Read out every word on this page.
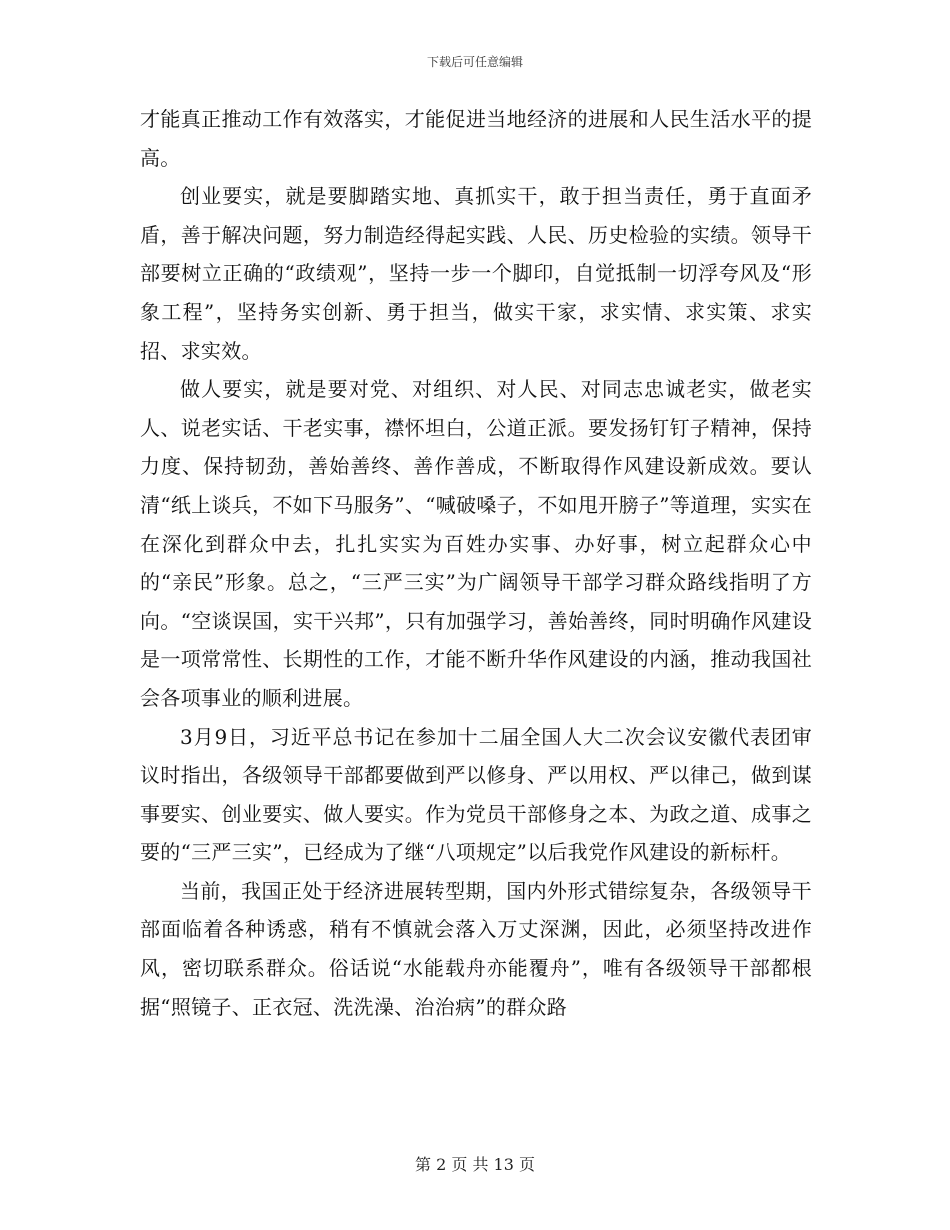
下载后可任意编辑

才能真正推动工作有效落实，才能促进当地经济的进展和人民生活水平的提高。

创业要实，就是要脚踏实地、真抓实干，敢于担当责任，勇于直面矛盾，善于解决问题，努力制造经得起实践、人民、历史检验的实绩。领导干部要树立正确的“政绩观”，坚持一步一个脚印，自觉抵制一切浮夸风及“形象工程”，坚持务实创新、勇于担当，做实干家，求实情、求实策、求实招、求实效。

做人要实，就是要对党、对组织、对人民、对同志忠诚老实，做老实人、说老实话、干老实事，襟怀坦白，公道正派。要发扬钉钉子精神，保持力度、保持韧劲，善始善终、善作善成，不断取得作风建设新成效。要认清“纸上谈兵，不如下马服务”、“喊破嗓子，不如甩开膀子”等道理，实实在在深化到群众中去，扎扎实实为百姓办实事、办好事，树立起群众心中的“亲民”形象。总之，“三严三实”为广阔领导干部学习群众路线指明了方向。“空谈误国，实干兴邦”，只有加强学习，善始善终，同时明确作风建设是一项常常性、长期性的工作，才能不断升华作风建设的内涵，推动我国社会各项事业的顺利进展。

3月9日，习近平总书记在参加十二届全国人大二次会议安徽代表团审议时指出，各级领导干部都要做到严以修身、严以用权、严以律己，做到谋事要实、创业要实、做人要实。作为党员干部修身之本、为政之道、成事之要的“三严三实”，已经成为了继“八项规定”以后我党作风建设的新标杆。

当前，我国正处于经济进展转型期，国内外形式错综复杂，各级领导干部面临着各种诱惑，稍有不慎就会落入万丈深渊，因此，必须坚持改进作风，密切联系群众。俗话说“水能载舟亦能覆舟”，唯有各级领导干部都根据“照镜子、正衣冠、洗洗澡、治治病”的群众路

第 2 页 共 13 页
